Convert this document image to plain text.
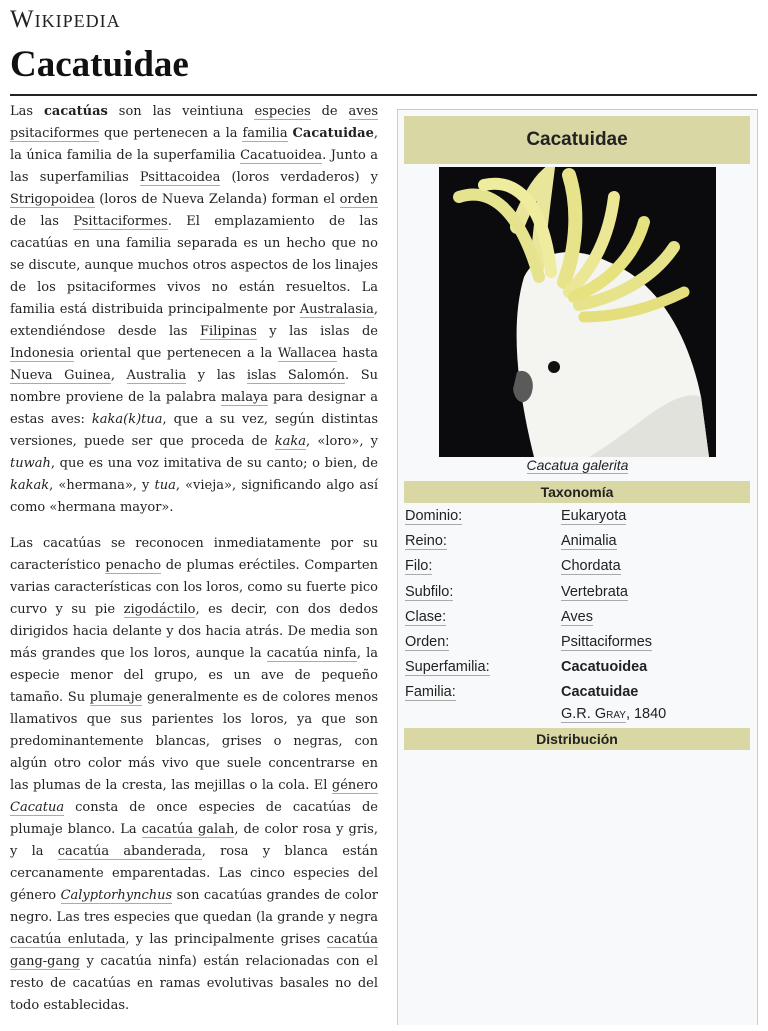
Wikipedia
Cacatuidae

Las cacatúas son las veintiuna especies de aves psitaciformes que pertenecen a la familia Cacatuidae, la única familia de la superfamilia Cacatuoidea. Junto a las superfamilias Psittacoidea (loros verdaderos) y Strigopoidea (loros de Nueva Zelanda) forman el orden de las Psittaciformes. El emplazamiento de las cacatúas en una familia separada es un hecho que no se discute, aunque muchos otros aspectos de los linajes de los psitaciformes vivos no están resueltos. La familia está distribuida principalmente por Australasia, extendiéndose desde las Filipinas y las islas de Indonesia oriental que pertenecen a la Wallacea hasta Nueva Guinea, Australia y las islas Salomón. Su nombre proviene de la palabra malaya para designar a estas aves: kaka(k)tua, que a su vez, según distintas versiones, puede ser que proceda de kaka, «loro», y tuwah, que es una voz imitativa de su canto; o bien, de kakak, «hermana», y tua, «vieja», significando algo así como «hermana mayor».

Las cacatúas se reconocen inmediatamente por su característico penacho de plumas eréctiles. Comparten varias características con los loros, como su fuerte pico curvo y su pie zigodáctilo, es decir, con dos dedos dirigidos hacia delante y dos hacia atrás. De media son más grandes que los loros, aunque la cacatúa ninfa, la especie menor del grupo, es un ave de pequeño tamaño. Su plumaje generalmente es de colores menos llamativos que sus parientes los loros, ya que son predominantemente blancas, grises o negras, con algún otro color más vivo que suele concentrarse en las plumas de la cresta, las mejillas o la cola. El género Cacatua consta de once especies de cacatúas de plumaje blanco. La cacatúa galah, de color rosa y gris, y la cacatúa abanderada, rosa y blanca están cercanamente emparentadas. Las cinco especies del género Calyptorhynchus son cacatúas grandes de color negro. Las tres especies que quedan (la grande y negra cacatúa enlutada, y las principalmente grises cacatúa gang-gang y cacatúa ninfa) están relacionadas con el resto de cacatúas en ramas evolutivas basales no del todo establecidas.

Cacatuidae
Cacatua galerita
Taxonomía
Dominio:	Eukaryota
Reino:	Animalia
Filo:	Chordata
Subfilo:	Vertebrata
Clase:	Aves
Orden:	Psittaciformes
Superfamilia:	Cacatuoidea
Familia:	Cacatuidae
G.R. Gray, 1840
Distribución
